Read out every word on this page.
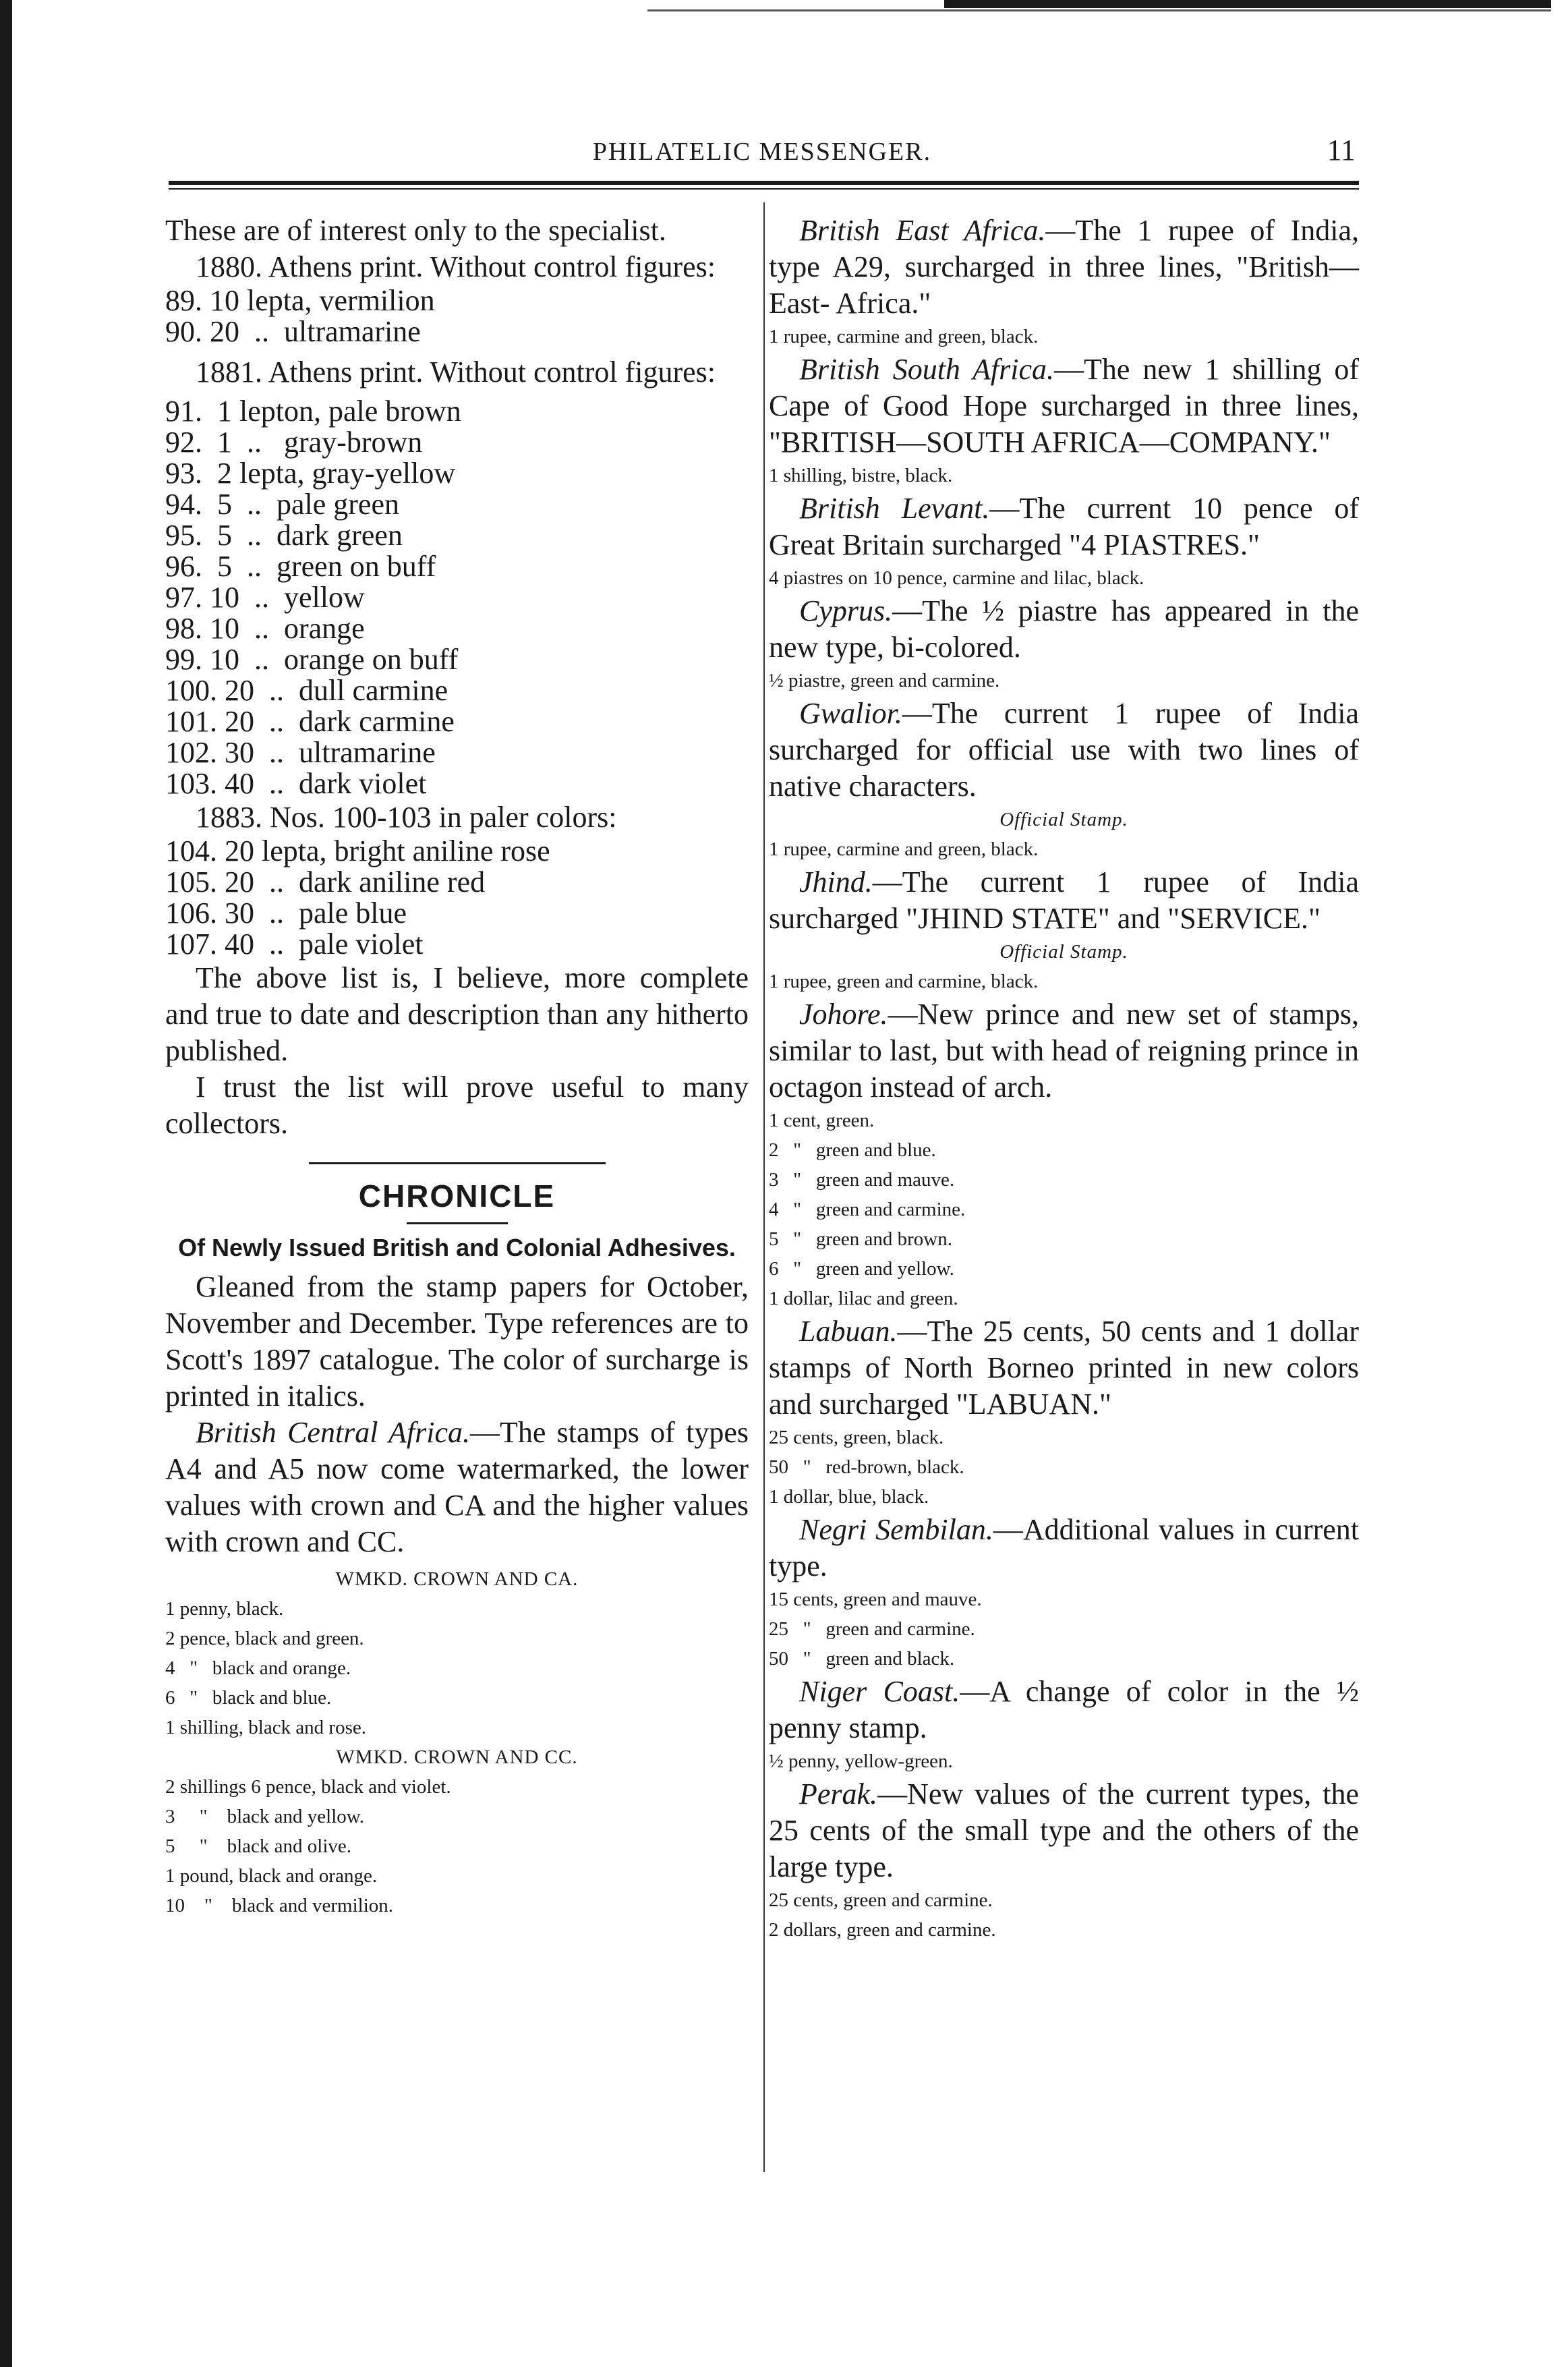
PHILATELIC MESSENGER.	11

These are of interest only to the specialist.

1880. Athens print. Without control figures:

89. 10 lepta, vermilion

90. 20  ..  ultramarine

1881. Athens print. Without control figures:

91.  1 lepton, pale brown

92.  1  ..   gray-brown

93.  2 lepta, gray-yellow

94.  5  ..  pale green

95.  5  ..  dark green

96.  5  ..  green on buff

97. 10  ..  yellow

98. 10  ..  orange

99. 10  ..  orange on buff

100. 20  ..  dull carmine

101. 20  ..  dark carmine

102. 30  ..  ultramarine

103. 40  ..  dark violet

1883. Nos. 100-103 in paler colors:

104. 20 lepta, bright aniline rose

105. 20  ..  dark aniline red

106. 30  ..  pale blue

107. 40  ..  pale violet

The above list is, I believe, more complete and true to date and description than any hitherto published.

I trust the list will prove useful to many collectors.

CHRONICLE

Of Newly Issued British and Colonial Adhesives.

Gleaned from the stamp papers for October, November and December. Type references are to Scott's 1897 catalogue. The color of surcharge is printed in italics.

British Central Africa.—The stamps of types A4 and A5 now come watermarked, the lower values with crown and CA and the higher values with crown and CC.

WMKD. CROWN AND CA.

1 penny, black.

2 pence, black and green.

4   "   black and orange.

6   "   black and blue.

1 shilling, black and rose.

WMKD. CROWN AND CC.

2 shillings 6 pence, black and violet.

3     "    black and yellow.

5     "    black and olive.

1 pound, black and orange.

10    "    black and vermilion.

British East Africa.—The 1 rupee of India, type A29, surcharged in three lines, "British—East- Africa."

1 rupee, carmine and green, black.

British South Africa.—The new 1 shilling of Cape of Good Hope surcharged in three lines, "BRITISH—SOUTH AFRICA—COMPANY."

1 shilling, bistre, black.

British Levant.—The current 10 pence of Great Britain surcharged "4 PIASTRES."

4 piastres on 10 pence, carmine and lilac, black.

Cyprus.—The ½ piastre has appeared in the new type, bi-colored.

½ piastre, green and carmine.

Gwalior.—The current 1 rupee of India surcharged for official use with two lines of native characters.

Official Stamp.

1 rupee, carmine and green, black.

Jhind.—The current 1 rupee of India surcharged "JHIND STATE" and "SERVICE."

Official Stamp.

1 rupee, green and carmine, black.

Johore.—New prince and new set of stamps, similar to last, but with head of reigning prince in octagon instead of arch.

1 cent, green.

2   "   green and blue.

3   "   green and mauve.

4   "   green and carmine.

5   "   green and brown.

6   "   green and yellow.

1 dollar, lilac and green.

Labuan.—The 25 cents, 50 cents and 1 dollar stamps of North Borneo printed in new colors and surcharged "LABUAN."

25 cents, green, black.

50   "   red-brown, black.

1 dollar, blue, black.

Negri Sembilan.—Additional values in current type.

15 cents, green and mauve.

25   "   green and carmine.

50   "   green and black.

Niger Coast.—A change of color in the ½ penny stamp.

½ penny, yellow-green.

Perak.—New values of the current types, the 25 cents of the small type and the others of the large type.

25 cents, green and carmine.

2 dollars, green and carmine.
